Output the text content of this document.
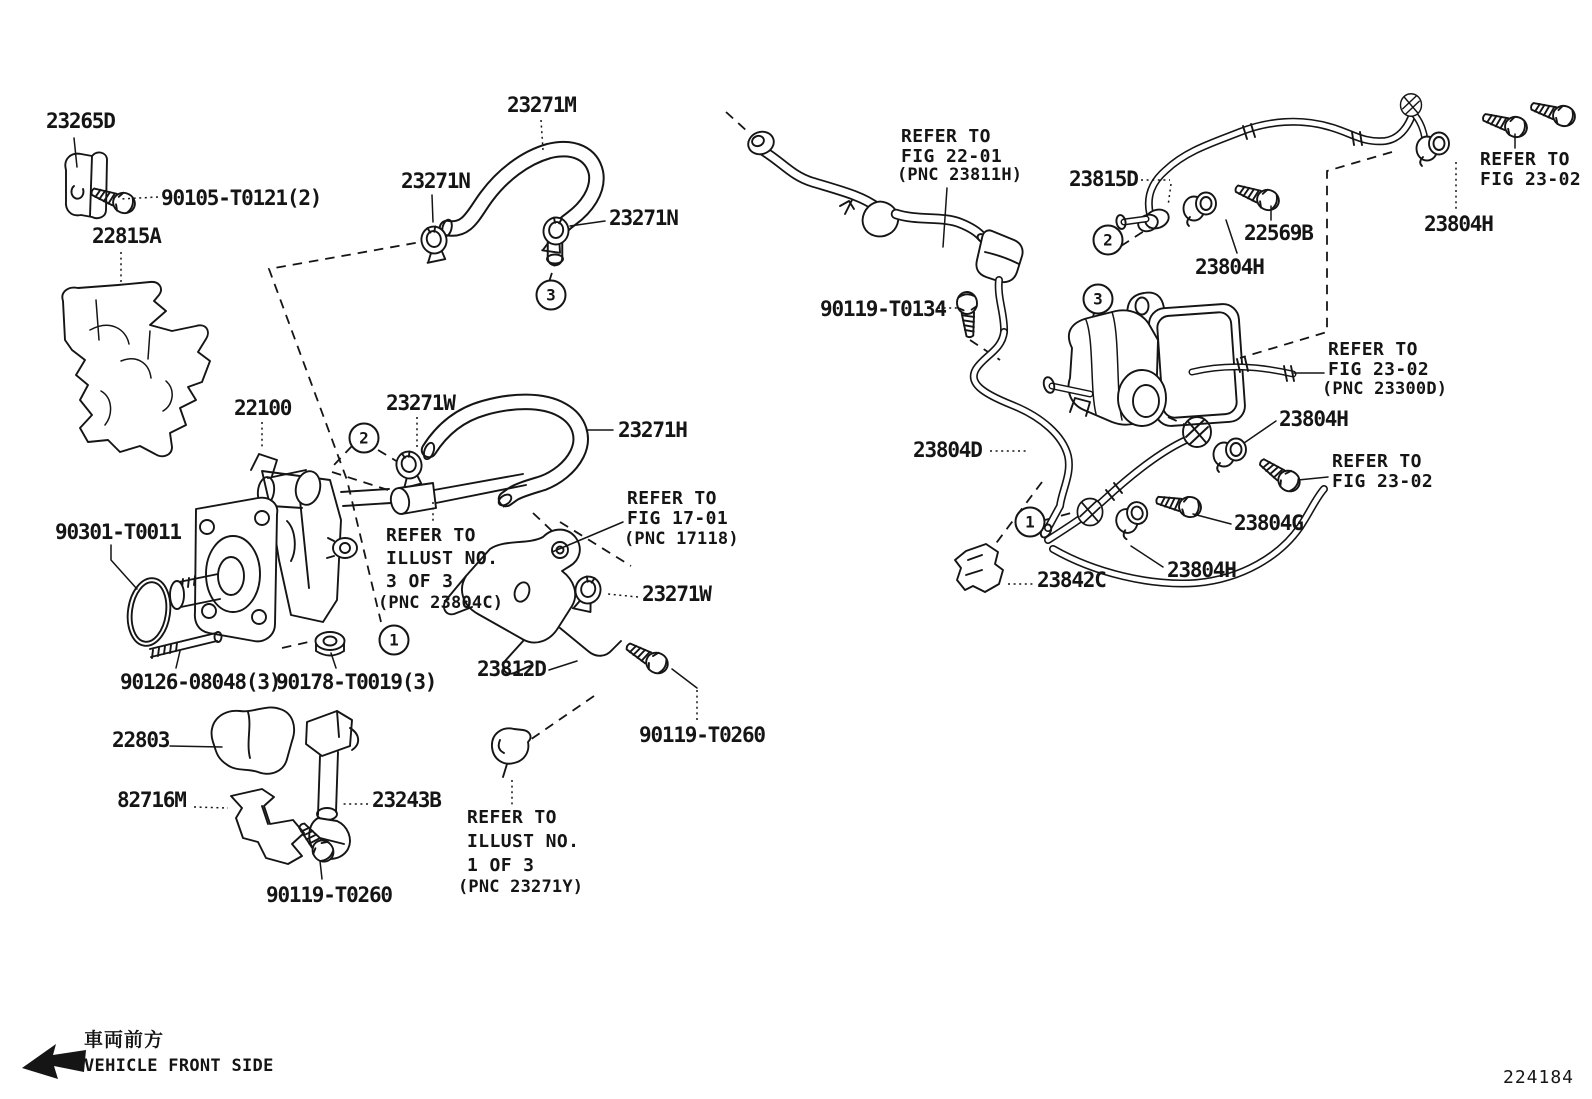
23265D
90105-T0121(2)
22815A
23271M
23271N
23271N
22100	23271W
23271H
90301-T0011	REFER TO
ILLUST NO.
3 OF 3
(PNC 23804C)
REFER TO
FIG 17-01
(PNC 17118)
23271W
23812D
90126-08048(3)
90178-T0019(3)
22803
82716M	23243B
90119-T0260
90119-T0260
REFER TO
ILLUST NO.
1 OF 3
(PNC 23271Y)
REFER TO
FIG 22-01
(PNC 23811H) 23815D
22569B
23804H
REFER TO
FIG 23-02
23804H
90119-T0134
REFER TO
FIG 23-02
(PNC 23300D)
23804H
REFER TO
FIG 23-02
23804D
23804G
23842C	23804H
3
2
1
2
3
1
車両前方
VEHICLE FRONT SIDE
224184
